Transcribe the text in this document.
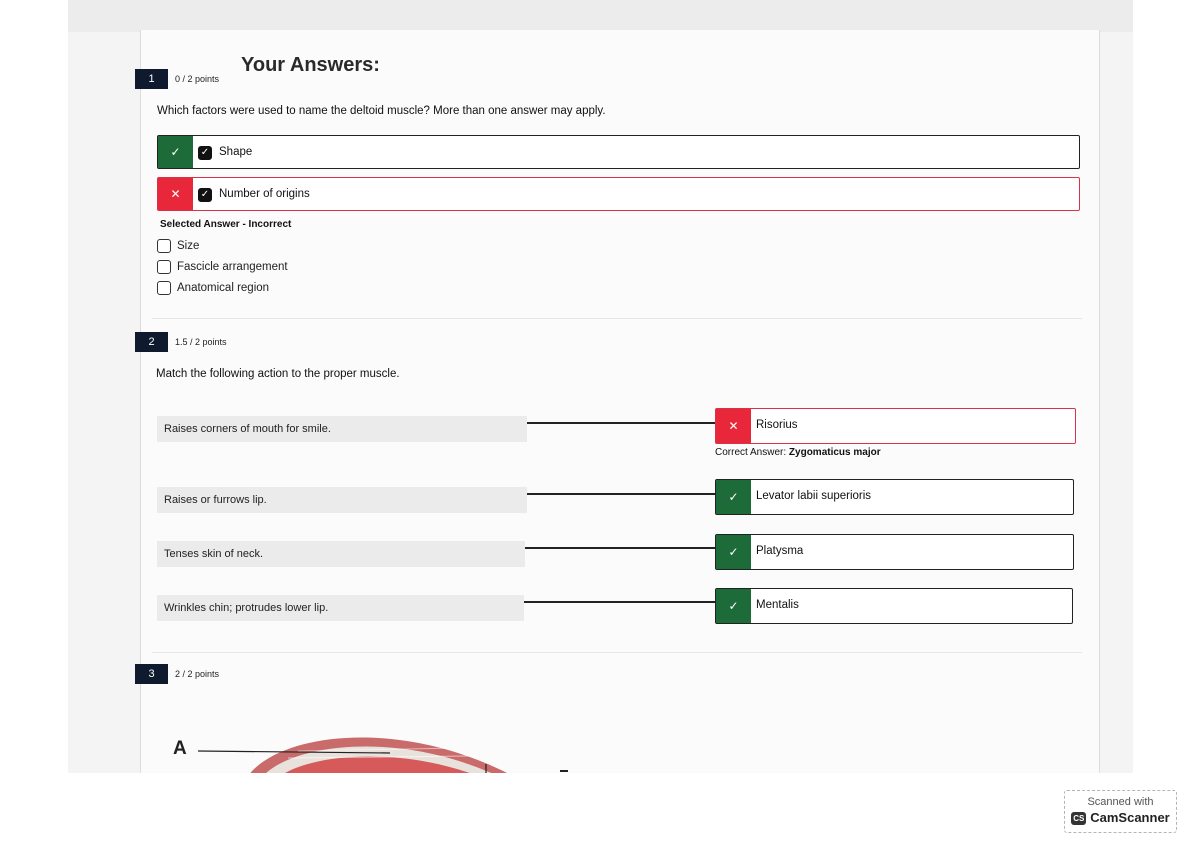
Your Answers:
1	0 / 2 points
Which factors were used to name the deltoid muscle? More than one answer may apply.
✓	✓ Shape
✕	✓ Number of origins
Selected Answer - Incorrect
Size
Fascicle arrangement
Anatomical region
2	1.5 / 2 points
Match the following action to the proper muscle.
Raises corners of mouth for smile.	✕	Risorius
Correct Answer: Zygomaticus major
Raises or furrows lip.	✓	Levator labii superioris
Tenses skin of neck.	✓	Platysma
Wrinkles chin; protrudes lower lip.	✓	Mentalis
3	2 / 2 points
A
Scanned with
CS CamScanner
